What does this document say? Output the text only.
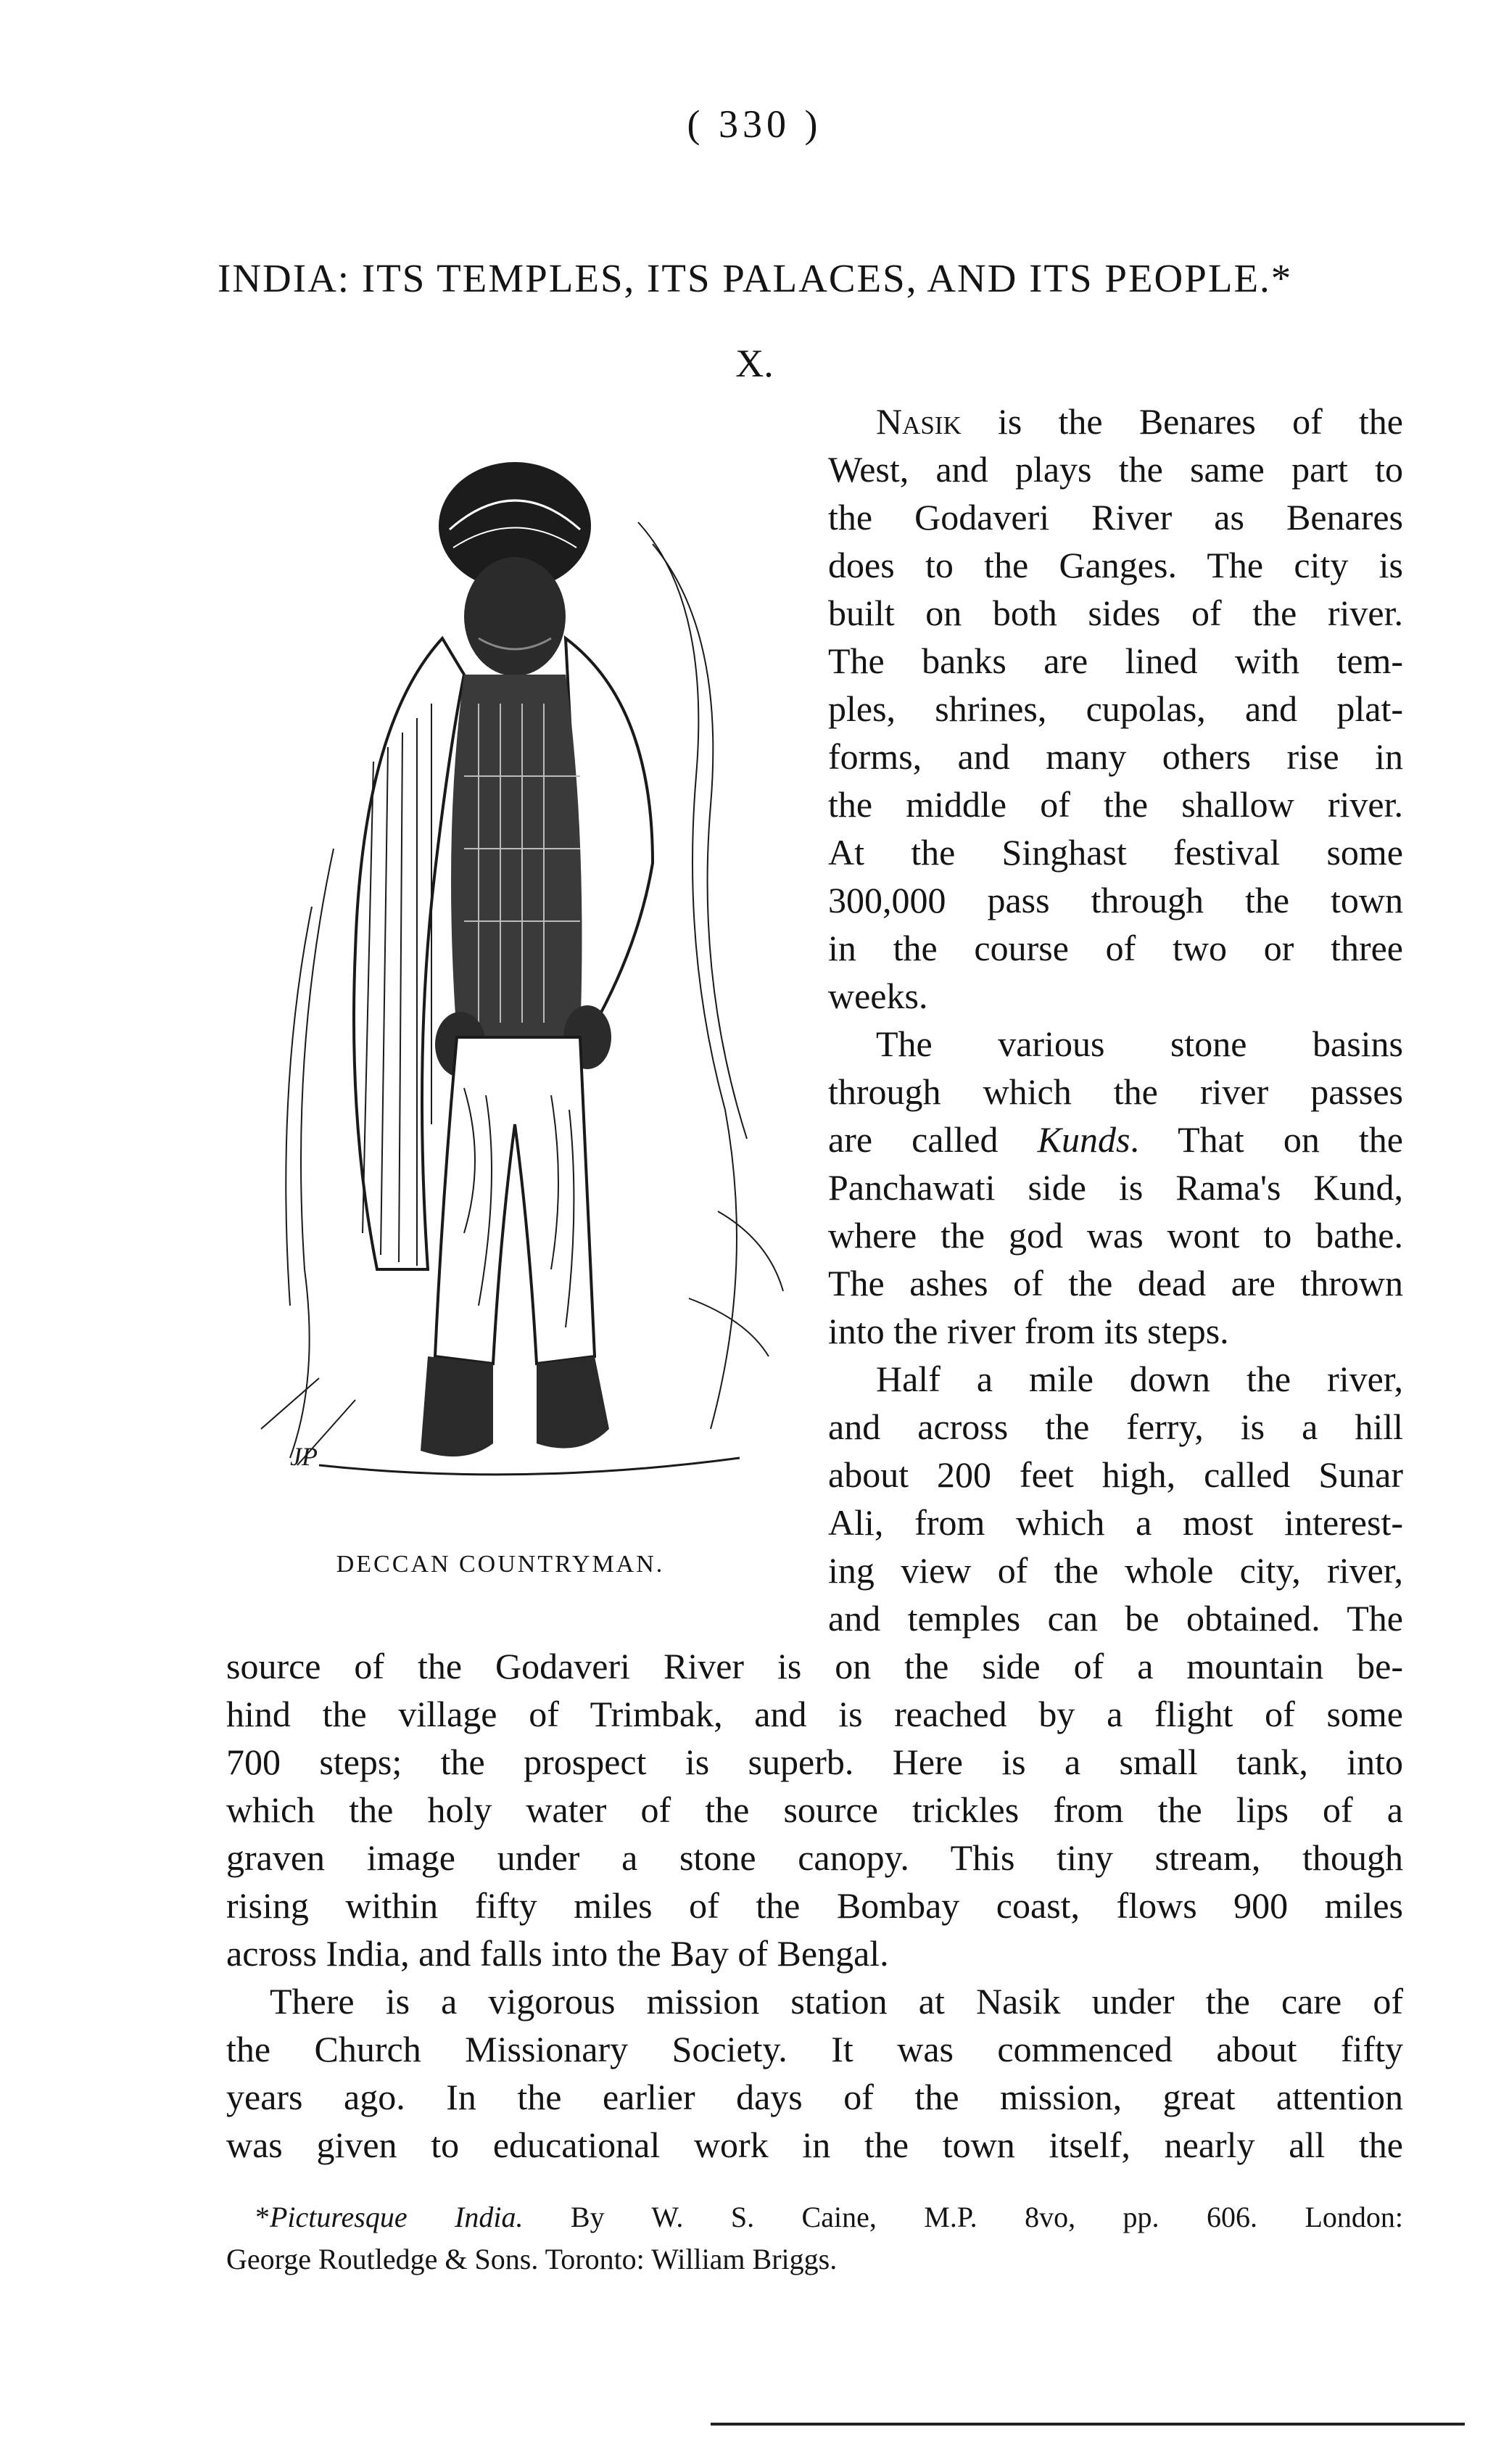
( 330 )
INDIA: ITS TEMPLES, ITS PALACES, AND ITS PEOPLE.*
X.
JP
DECCAN COUNTRYMAN.
Nasik is the Benares of the
West, and plays the same part to
the Godaveri River as Benares
does to the Ganges. The city is
built on both sides of the river.
The banks are lined with tem-
ples, shrines, cupolas, and plat-
forms, and many others rise in
the middle of the shallow river.
At the Singhast festival some
300,000 pass through the town
in the course of two or three
weeks.
The various stone basins
through which the river passes
are called Kunds. That on the
Panchawati side is Rama's Kund,
where the god was wont to bathe.
The ashes of the dead are thrown
into the river from its steps.
Half a mile down the river,
and across the ferry, is a hill
about 200 feet high, called Sunar
Ali, from which a most interest-
ing view of the whole city, river,
and temples can be obtained. The
source of the Godaveri River is on the side of a mountain be-
hind the village of Trimbak, and is reached by a flight of some
700 steps; the prospect is superb. Here is a small tank, into
which the holy water of the source trickles from the lips of a
graven image under a stone canopy. This tiny stream, though
rising within fifty miles of the Bombay coast, flows 900 miles
across India, and falls into the Bay of Bengal.
There is a vigorous mission station at Nasik under the care of
the Church Missionary Society. It was commenced about fifty
years ago. In the earlier days of the mission, great attention
was given to educational work in the town itself, nearly all the
*Picturesque India. By W. S. Caine, M.P. 8vo, pp. 606. London:
George Routledge & Sons. Toronto: William Briggs.
